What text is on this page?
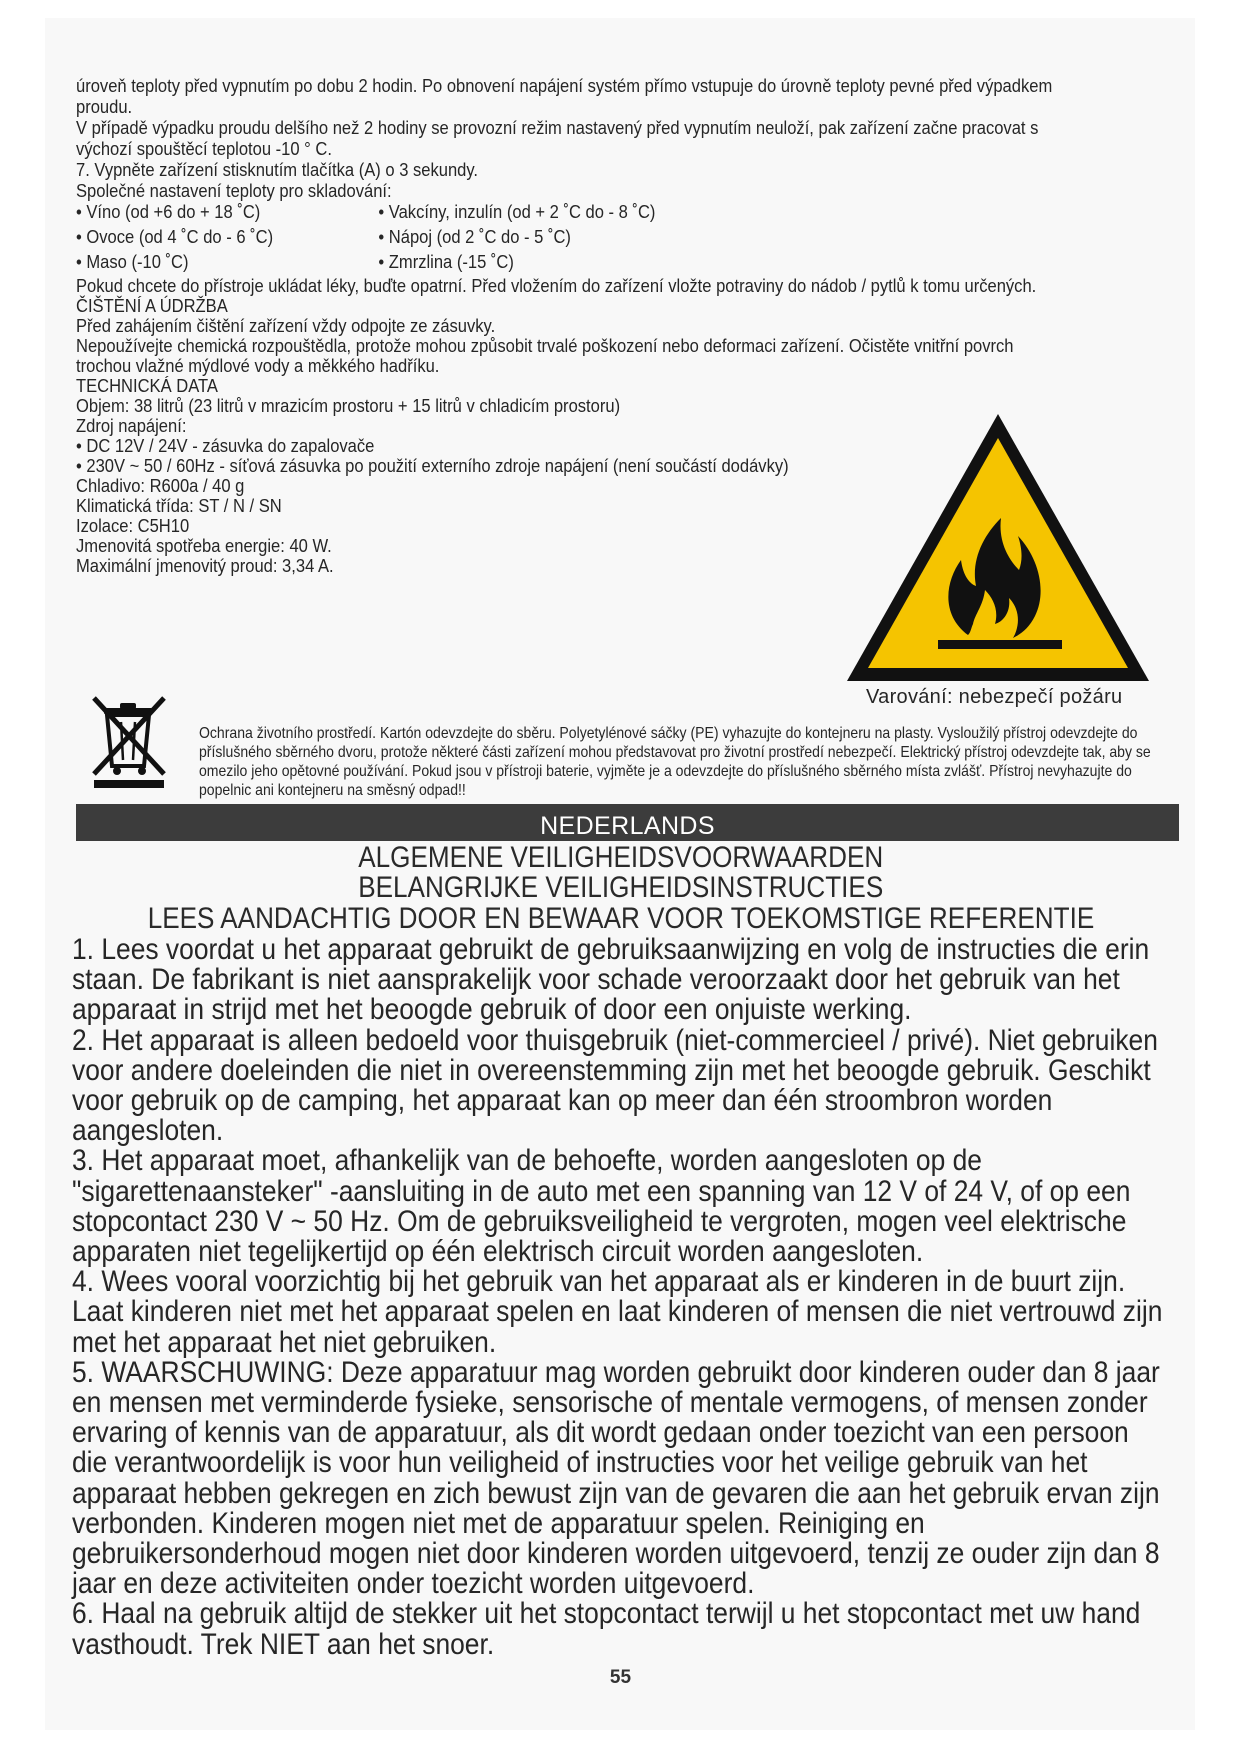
úroveň teploty před vypnutím po dobu 2 hodin. Po obnovení napájení systém přímo vstupuje do úrovně teploty pevné před výpadkem proudu.

V případě výpadku proudu delšího než 2 hodiny se provozní režim nastavený před vypnutím neuloží, pak zařízení začne pracovat s výchozí spouštěcí teplotou -10 ° C.

7. Vypněte zařízení stisknutím tlačítka (A) o 3 sekundy.

Společné nastavení teploty pro skladování:

• Víno (od +6 do + 18 ˚C)	• Vakcíny, inzulín (od + 2 ˚C do - 8 ˚C)
• Ovoce (od 4 ˚C do - 6 ˚C)	• Nápoj (od 2 ˚C do - 5 ˚C)
• Maso (-10 ˚C)	• Zmrzlina (-15 ˚C)

Pokud chcete do přístroje ukládat léky, buďte opatrní. Před vložením do zařízení vložte potraviny do nádob / pytlů k tomu určených.

ČIŠTĚNÍ A ÚDRŽBA

Před zahájením čištění zařízení vždy odpojte ze zásuvky.

Nepoužívejte chemická rozpouštědla, protože mohou způsobit trvalé poškození nebo deformaci zařízení. Očistěte vnitřní povrch trochou vlažné mýdlové vody a měkkého hadříku.

TECHNICKÁ DATA

Objem: 38 litrů (23 litrů v mrazicím prostoru + 15 litrů v chladicím prostoru)

Zdroj napájení:

• DC 12V / 24V - zásuvka do zapalovače

• 230V ~ 50 / 60Hz - síťová zásuvka po použití externího zdroje napájení (není součástí dodávky)

Chladivo: R600a / 40 g

Klimatická třída: ST / N / SN

Izolace: C5H10

Jmenovitá spotřeba energie: 40 W.

Maximální jmenovitý proud: 3,34 A.

Varování: nebezpečí požáru

Ochrana životního prostředí. Kartón odevzdejte do sběru. Polyetylénové sáčky (PE) vyhazujte do kontejneru na plasty. Vysloužilý přístroj odevzdejte do příslušného sběrného dvoru, protože některé části zařízení mohou představovat pro životní prostředí nebezpečí. Elektrický přístroj odevzdejte tak, aby se omezilo jeho opětovné používání. Pokud jsou v přístroji baterie, vyjměte je a odevzdejte do příslušného sběrného místa zvlášť. Přístroj nevyhazujte do popelnic ani kontejneru na směsný odpad!!

NEDERLANDS
ALGEMENE VEILIGHEIDSVOORWAARDEN
BELANGRIJKE VEILIGHEIDSINSTRUCTIES
LEES AANDACHTIG DOOR EN BEWAAR VOOR TOEKOMSTIGE REFERENTIE

1. Lees voordat u het apparaat gebruikt de gebruiksaanwijzing en volg de instructies die erin staan. De fabrikant is niet aansprakelijk voor schade veroorzaakt door het gebruik van het apparaat in strijd met het beoogde gebruik of door een onjuiste werking.

2. Het apparaat is alleen bedoeld voor thuisgebruik (niet-commercieel / privé). Niet gebruiken voor andere doeleinden die niet in overeenstemming zijn met het beoogde gebruik. Geschikt voor gebruik op de camping, het apparaat kan op meer dan één stroombron worden aangesloten.

3. Het apparaat moet, afhankelijk van de behoefte, worden aangesloten op de "sigarettenaansteker" -aansluiting in de auto met een spanning van 12 V of 24 V, of op een stopcontact 230 V ~ 50 Hz. Om de gebruiksveiligheid te vergroten, mogen veel elektrische apparaten niet tegelijkertijd op één elektrisch circuit worden aangesloten.

4. Wees vooral voorzichtig bij het gebruik van het apparaat als er kinderen in de buurt zijn. Laat kinderen niet met het apparaat spelen en laat kinderen of mensen die niet vertrouwd zijn met het apparaat het niet gebruiken.

5. WAARSCHUWING: Deze apparatuur mag worden gebruikt door kinderen ouder dan 8 jaar en mensen met verminderde fysieke, sensorische of mentale vermogens, of mensen zonder ervaring of kennis van de apparatuur, als dit wordt gedaan onder toezicht van een persoon die verantwoordelijk is voor hun veiligheid of instructies voor het veilige gebruik van het apparaat hebben gekregen en zich bewust zijn van de gevaren die aan het gebruik ervan zijn verbonden. Kinderen mogen niet met de apparatuur spelen. Reiniging en gebruikersonderhoud mogen niet door kinderen worden uitgevoerd, tenzij ze ouder zijn dan 8 jaar en deze activiteiten onder toezicht worden uitgevoerd.

6. Haal na gebruik altijd de stekker uit het stopcontact terwijl u het stopcontact met uw hand vasthoudt. Trek NIET aan het snoer.

55
